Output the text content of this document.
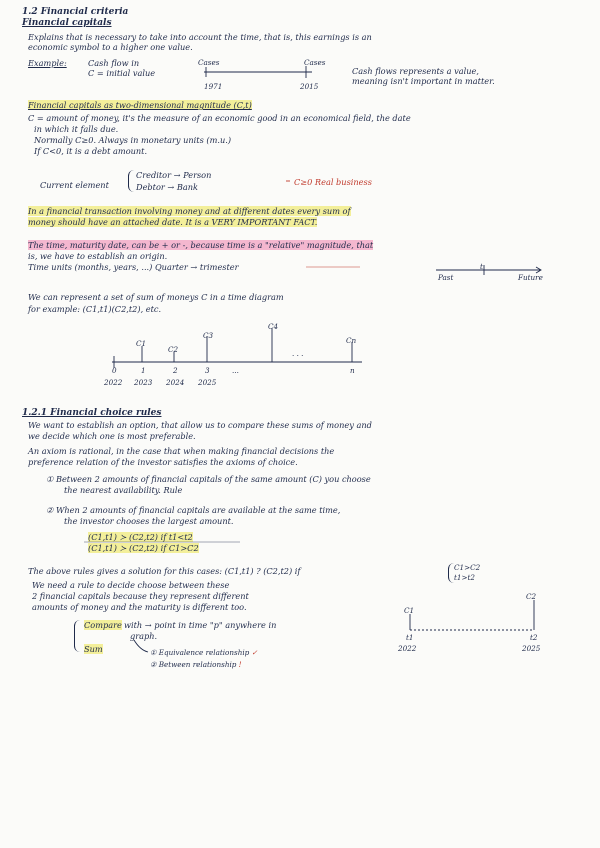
1.2 Financial criteria
Financial capitals
Explains that is necessary to take into account the time, that is, this earnings is an
economic symbol to a higher one value.
Example:	Cash flow in
C = initial value
Cases	Cases
1971	2015
Cash flows represents a value,
meaning isn't important in matter.
Financial capitals as two-dimensional magnitude (C,t)
C = amount of money, it's the measure of an economic good in an economical field, the date
in which it falls due.
Normally C≥0. Always in monetary units (m.u.)
If C<0, it is a debt amount.
Current element
Creditor → Person
Debtor → Bank	C≥0 Real business
In a financial transaction involving money and at different dates every sum of
money should have an attached date. It is a VERY IMPORTANT FACT.
The time, maturity date, can be + or -, because time is a "relative" magnitude, that
is, we have to establish an origin.
Time units (months, years, ...) Quarter → trimester
Past
t
Future
We can represent a set of sum of moneys C in a time diagram
for example: (C1,t1)(C2,t2), etc.
C1
C2
C3
C4
Cn
0	1	2	3	...	n
2022 2023 2024 2025
· · ·
1.2.1 Financial choice rules
We want to establish an option, that allow us to compare these sums of money and
we decide which one is most preferable.
An axiom is rational, in the case that when making financial decisions the
preference relation of the investor satisfies the axioms of choice.
① Between 2 amounts of financial capitals of the same amount (C) you choose
the nearest availability. Rule
② When 2 amounts of financial capitals are available at the same time,
the investor chooses the largest amount.
(C1,t1) ≻ (C2,t2) if t1<t2
(C1,t1) ≻ (C2,t2) if C1>C2
The above rules gives a solution for this cases: (C1,t1) ? (C2,t2) if	C1>C2
t1>t2
We need a rule to decide choose between these
2 financial capitals because they represent different
amounts of money and the maturity is different too.
Compare with → point in time "p" anywhere in
graph.
Sum	① Equivalence relationship ✓
② Between relationship !
C1
C2
t1	t2
2022	2025
